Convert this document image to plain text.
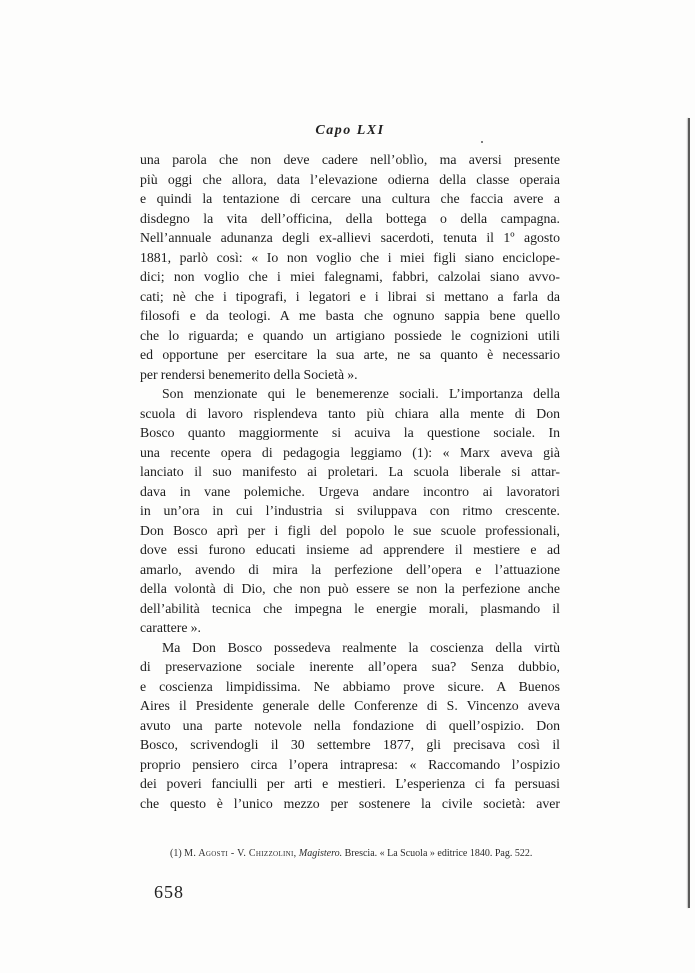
Capo LXI
una parola che non deve cadere nell’oblìo, ma aversi presente
più oggi che allora, data l’elevazione odierna della classe operaia
e quindi la tentazione di cercare una cultura che faccia avere a
disdegno la vita dell’officina, della bottega o della campagna.
Nell’annuale adunanza degli ex-allievi sacerdoti, tenuta il 1º agosto
1881, parlò così: « Io non voglio che i miei figli siano enciclope-
dici; non voglio che i miei falegnami, fabbri, calzolai siano avvo-
cati; nè che i tipografi, i legatori e i librai si mettano a farla da
filosofi e da teologi. A me basta che ognuno sappia bene quello
che lo riguarda; e quando un artigiano possiede le cognizioni utili
ed opportune per esercitare la sua arte, ne sa quanto è necessario
per rendersi benemerito della Società ».
Son menzionate qui le benemerenze sociali. L’importanza della
scuola di lavoro risplendeva tanto più chiara alla mente di Don
Bosco quanto maggiormente si acuiva la questione sociale. In
una recente opera di pedagogia leggiamo (1): « Marx aveva già
lanciato il suo manifesto ai proletari. La scuola liberale si attar-
dava in vane polemiche. Urgeva andare incontro ai lavoratori
in un’ora in cui l’industria si sviluppava con ritmo crescente.
Don Bosco aprì per i figli del popolo le sue scuole professionali,
dove essi furono educati insieme ad apprendere il mestiere e ad
amarlo, avendo di mira la perfezione dell’opera e l’attuazione
della volontà di Dio, che non può essere se non la perfezione anche
dell’abilità tecnica che impegna le energie morali, plasmando il
carattere ».
Ma Don Bosco possedeva realmente la coscienza della virtù
di preservazione sociale inerente all’opera sua? Senza dubbio,
e coscienza limpidissima. Ne abbiamo prove sicure. A Buenos
Aires il Presidente generale delle Conferenze di S. Vincenzo aveva
avuto una parte notevole nella fondazione di quell’ospizio. Don
Bosco, scrivendogli il 30 settembre 1877, gli precisava così il
proprio pensiero circa l’opera intrapresa: « Raccomando l’ospizio
dei poveri fanciulli per arti e mestieri. L’esperienza ci fa persuasi
che questo è l’unico mezzo per sostenere la civile società: aver
(1) M. Agosti - V. Chizzolini, Magistero. Brescia. « La Scuola » editrice 1840. Pag. 522.
658
